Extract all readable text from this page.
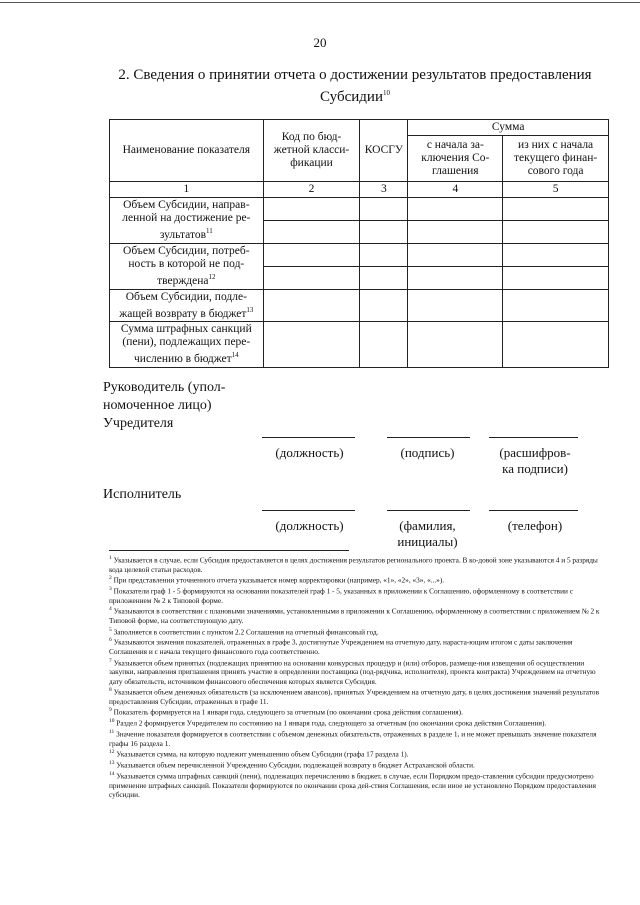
20
2. Сведения о принятии отчета о достижении результатов предоставления
Субсидии$^{10}$
Наименование показателя	Код по бюд-жетной класси-фикации	КОСГУ	Сумма	
			с начала за-ключения Со-глашения	из них с начала текущего финан-сового года
1	2	3	4	5
Объем Субсидии, направ-ленной на достижение ре-зультатов$^{11}$				

Объем Субсидии, потреб-ность в которой не под-тверждена$^{12}$				

Объем Субсидии, подле-жащей возврату в бюджет$^{13}$				
Сумма штрафных санкций (пени), подлежащих пере-числению в бюджет$^{14}$				
Руководитель (упол-
номоченное лицо)
Учредителя
(должность)	(подпись)	(расшифров-
ка подписи)
Исполнитель
(должность)	(фамилия,
инициалы)
(телефон)

$^1$ Указывается в случае, если Субсидия предоставляется в целях достижения результатов регионального проекта. В ко-довой зоне указываются 4 и 5 разряды кода целевой статьи расходов.

$^2$ При представлении уточненного отчета указывается номер корректировки (например, «1», «2», «3», «...»).

$^3$ Показатели граф 1 - 5 формируются на основании показателей граф 1 - 5, указанных в приложении к Соглашению, оформленному в соответствии с приложением № 2 к Типовой форме.

$^4$ Указываются в соответствии с плановыми значениями, установленными в приложении к Соглашению, оформленному в соответствии с приложением № 2 к Типовой форме, на соответствующую дату.

$^5$ Заполняется в соответствии с пунктом 2.2 Соглашения на отчетный финансовый год.

$^6$ Указываются значения показателей, отраженных в графе 3, достигнутые Учреждением на отчетную дату, нараста-ющим итогом с даты заключения Соглашения и с начала текущего финансового года соответственно.

$^7$ Указывается объем принятых (подлежащих принятию на основании конкурсных процедур и (или) отборов, размеще-ния извещения об осуществлении закупки, направления приглашения принять участие в определении поставщика (под-рядчика, исполнителя), проекта контракта) Учреждением на отчетную дату обязательств, источником финансового обеспечения которых является Субсидия.

$^8$ Указывается объем денежных обязательств (за исключением авансов), принятых Учреждением на отчетную дату, в целях достижения значений результатов предоставления Субсидии, отраженных в графе 11.

$^9$ Показатель формируется на 1 января года, следующего за отчетным (по окончании срока действия соглашения).

$^{10}$ Раздел 2 формируется Учредителем по состоянию на 1 января года, следующего за отчетным (по окончании срока действия Соглашения).

$^{11}$ Значение показателя формируется в соответствии с объемом денежных обязательств, отраженных в разделе 1, и не может превышать значение показателя графы 16 раздела 1.

$^{12}$ Указывается сумма, на которую подлежит уменьшению объем Субсидии (графа 17 раздела 1).

$^{13}$ Указывается объем перечисленной Учреждению Субсидии, подлежащей возврату в бюджет Астраханской области.

$^{14}$ Указывается сумма штрафных санкций (пени), подлежащих перечислению в бюджет, в случае, если Порядком предо-ставления субсидии предусмотрено применение штрафных санкций. Показатели формируются по окончании срока дей-ствия Соглашения, если иное не установлено Порядком предоставления субсидии.
